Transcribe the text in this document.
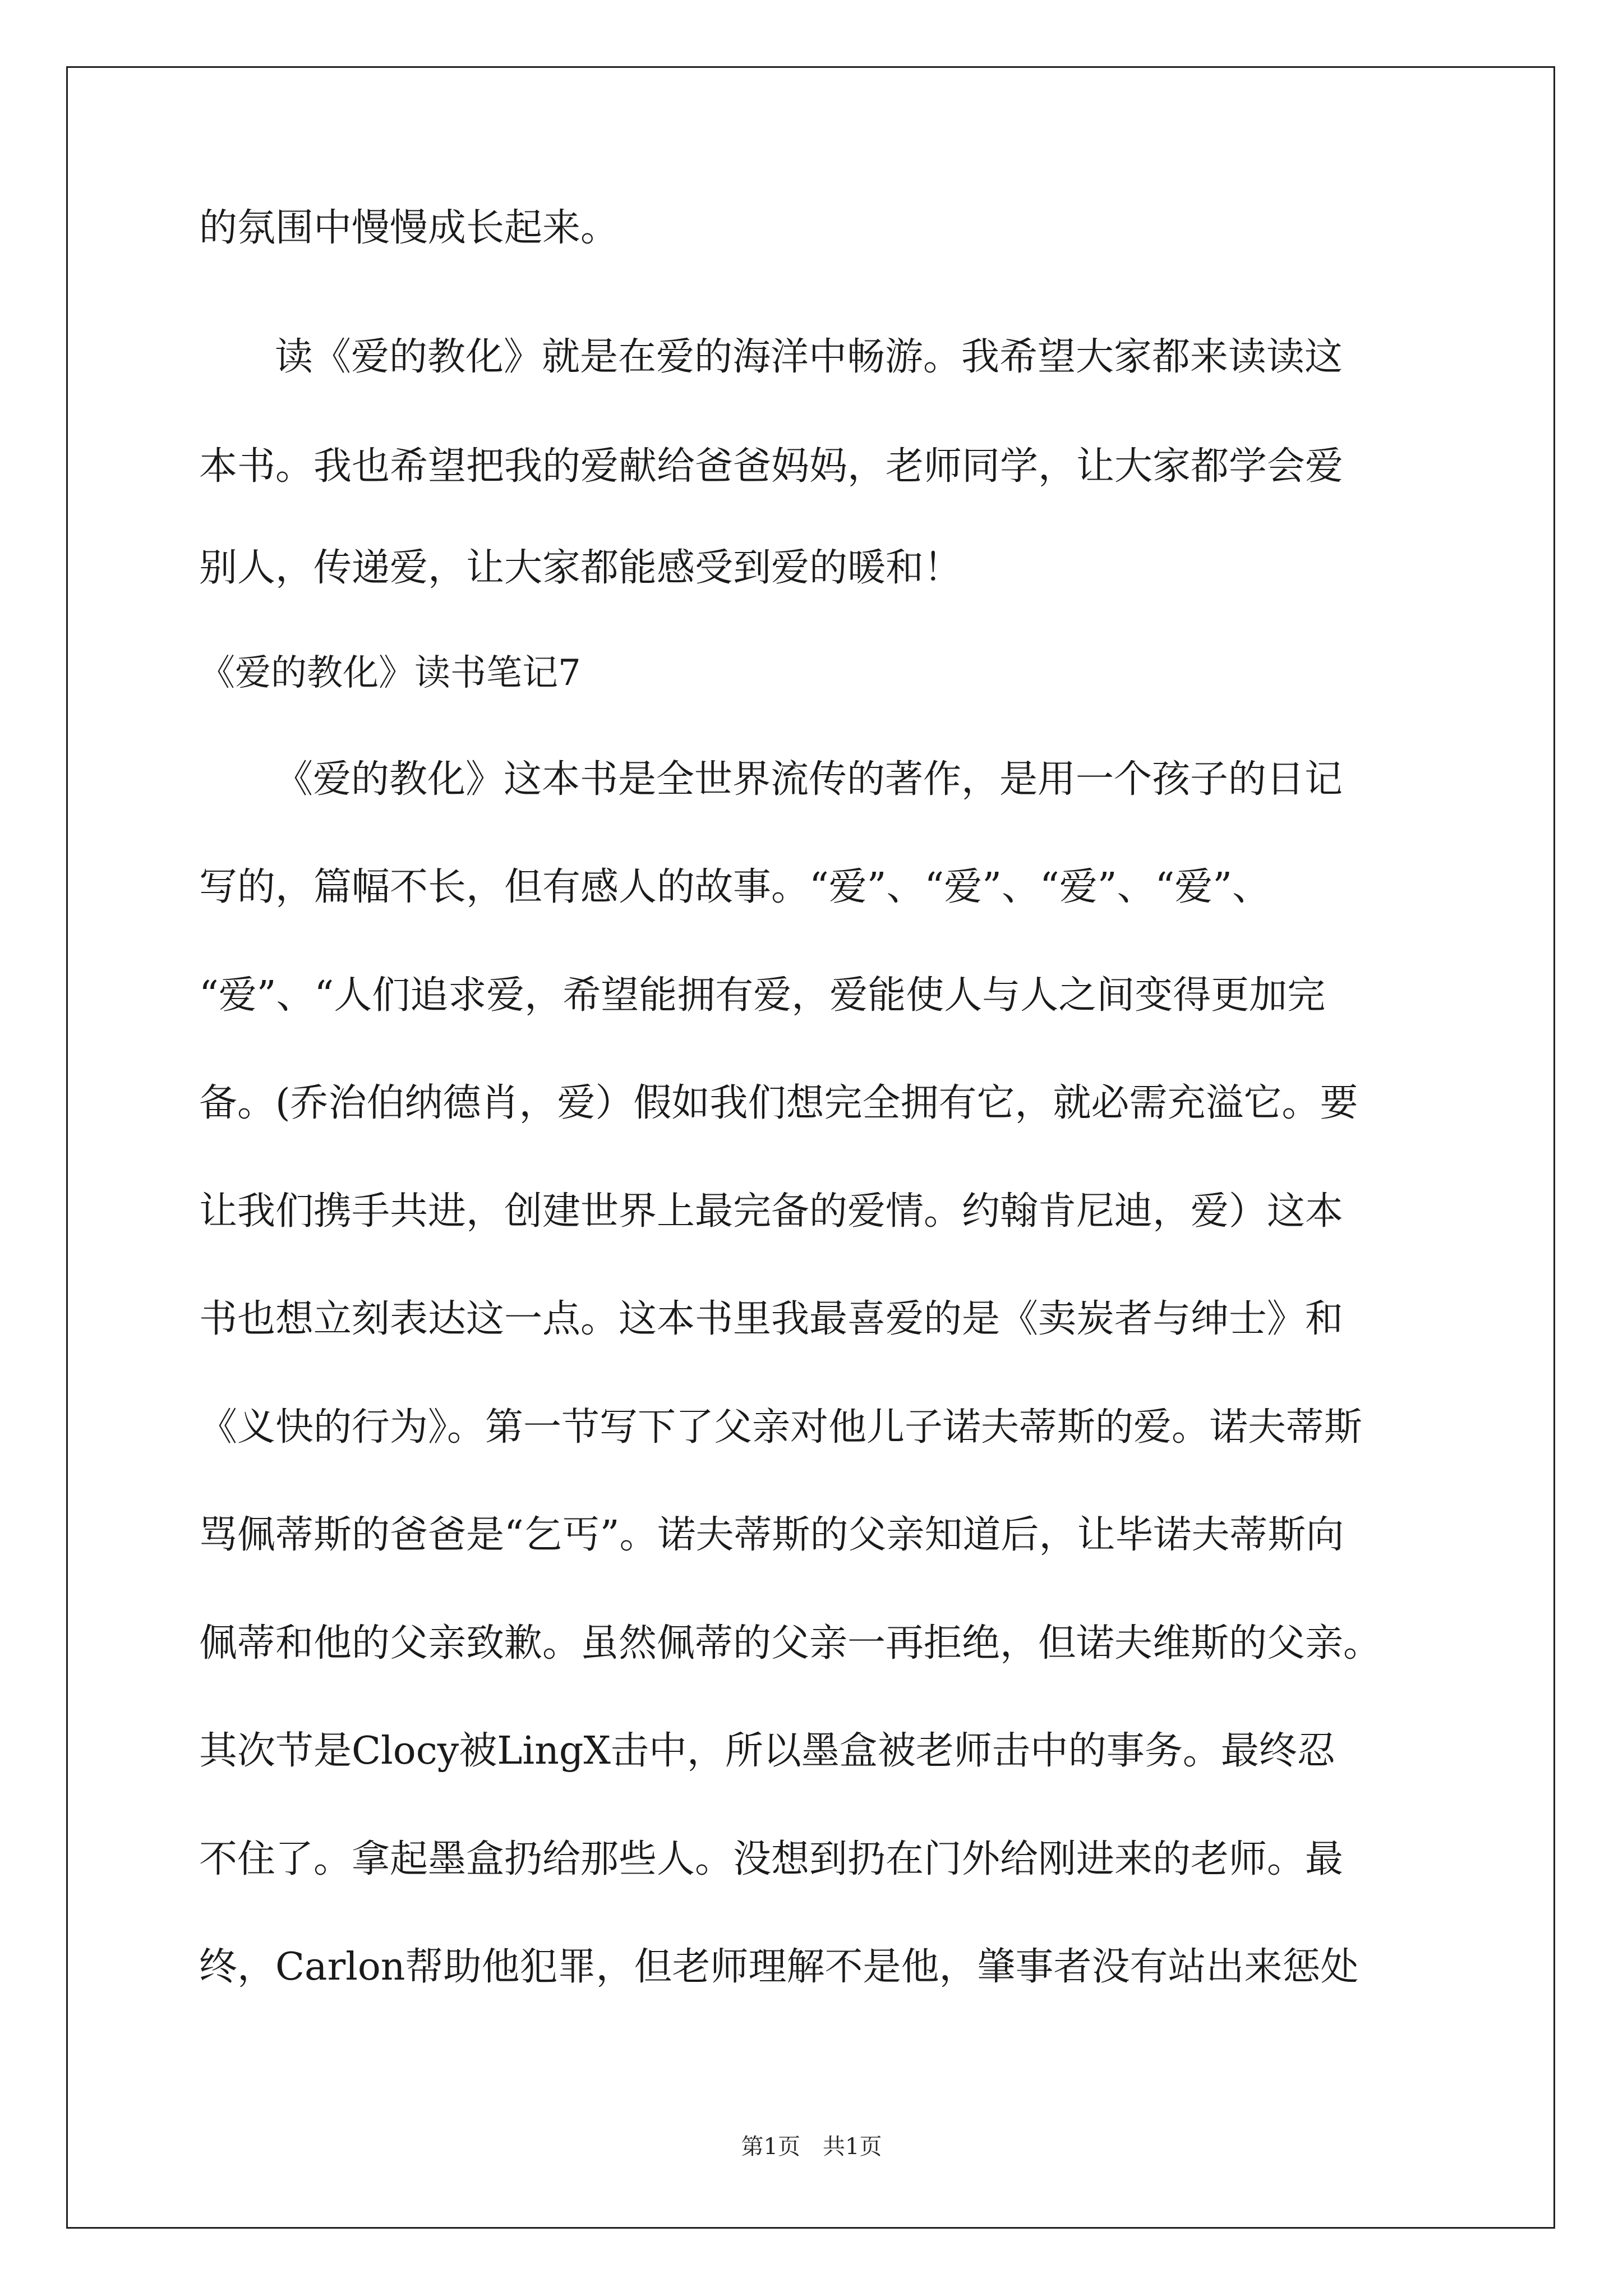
的氛围中慢慢成长起来。
读《爱的教化》就是在爱的海洋中畅游。我希望大家都来读读这
本书。我也希望把我的爱献给爸爸妈妈，老师同学，让大家都学会爱
别人，传递爱，让大家都能感受到爱的暖和！
《爱的教化》读书笔记7
《爱的教化》这本书是全世界流传的著作，是用一个孩子的日记
写的，篇幅不长，但有感人的故事。“爱”、“爱”、“爱”、“爱”、
“爱”、“人们追求爱，希望能拥有爱，爱能使人与人之间变得更加完
备。(乔治伯纳德肖，爱）假如我们想完全拥有它，就必需充溢它。要
让我们携手共进，创建世界上最完备的爱情。约翰肯尼迪，爱）这本
书也想立刻表达这一点。这本书里我最喜爱的是《卖炭者与绅士》和
《义快的行为》。第一节写下了父亲对他儿子诺夫蒂斯的爱。诺夫蒂斯
骂佩蒂斯的爸爸是“乞丐”。诺夫蒂斯的父亲知道后，让毕诺夫蒂斯向
佩蒂和他的父亲致歉。虽然佩蒂的父亲一再拒绝，但诺夫维斯的父亲。
其次节是Clocy被LingX击中，所以墨盒被老师击中的事务。最终忍
不住了。拿起墨盒扔给那些人。没想到扔在门外给刚进来的老师。最
终，Carlon帮助他犯罪，但老师理解不是他，肇事者没有站出来惩处
第1页　共1页
